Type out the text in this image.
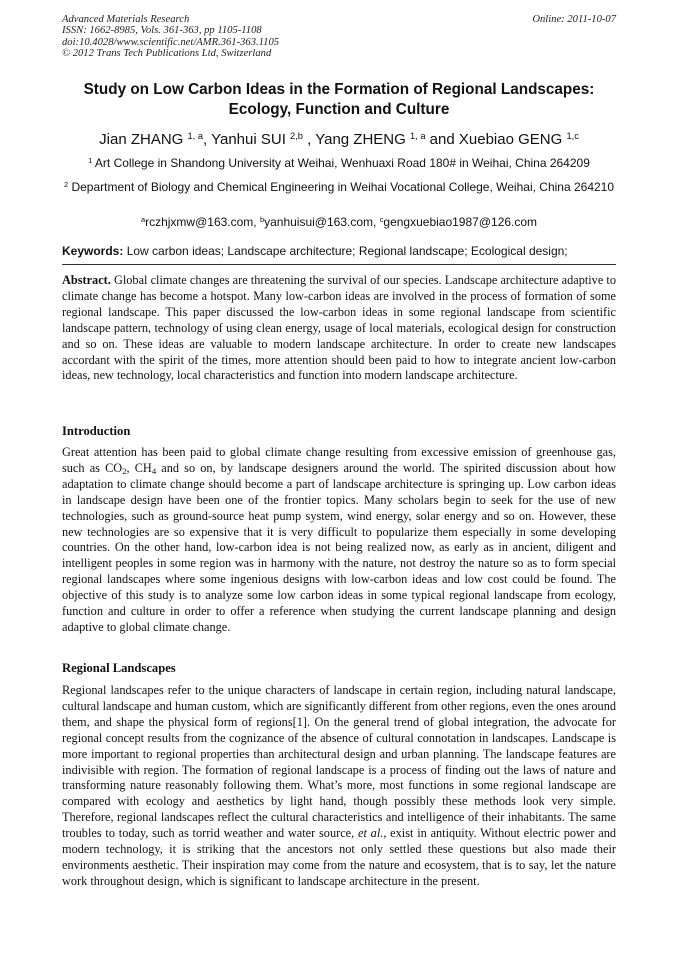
Advanced Materials Research
ISSN: 1662-8985, Vols. 361-363, pp 1105-1108
doi:10.4028/www.scientific.net/AMR.361-363.1105
© 2012 Trans Tech Publications Ltd, Switzerland
Online: 2011-10-07
Study on Low Carbon Ideas in the Formation of Regional Landscapes:
Ecology, Function and Culture
Jian ZHANG $^{1, a}$, Yanhui SUI $^{2,b}$ , Yang ZHENG $^{1, a}$ and Xuebiao GENG $^{1,c}$
$^1$ Art College in Shandong University at Weihai, Wenhuaxi Road 180# in Weihai, China 264209
$^2$ Department of Biology and Chemical Engineering in Weihai Vocational College, Weihai, China 264210
$^a$rczhjxmw@163.com, $^b$yanhuisui@163.com, $^c$gengxuebiao1987@126.com
Keywords: Low carbon ideas; Landscape architecture; Regional landscape; Ecological design;
Abstract. Global climate changes are threatening the survival of our species. Landscape architecture adaptive to climate change has become a hotspot. Many low-carbon ideas are involved in the process of formation of some regional landscape. This paper discussed the low-carbon ideas in some regional landscape from scientific landscape pattern, technology of using clean energy, usage of local materials, ecological design for construction and so on. These ideas are valuable to modern landscape architecture. In order to create new landscapes accordant with the spirit of the times, more attention should been paid to how to integrate ancient low-carbon ideas, new technology, local characteristics and function into modern landscape architecture.
Introduction
Great attention has been paid to global climate change resulting from excessive emission of greenhouse gas, such as $CO_2$, $CH_4$ and so on, by landscape designers around the world. The spirited discussion about how adaptation to climate change should become a part of landscape architecture is springing up. Low carbon ideas in landscape design have been one of the frontier topics. Many scholars begin to seek for the use of new technologies, such as ground-source heat pump system, wind energy, solar energy and so on. However, these new technologies are so expensive that it is very difficult to popularize them especially in some developing countries. On the other hand, low-carbon idea is not being realized now, as early as in ancient, diligent and intelligent peoples in some region was in harmony with the nature, not destroy the nature so as to form special regional landscapes where some ingenious designs with low-carbon ideas and low cost could be found. The objective of this study is to analyze some low carbon ideas in some typical regional landscape from ecology, function and culture in order to offer a reference when studying the current landscape planning and design adaptive to global climate change.
Regional Landscapes
Regional landscapes refer to the unique characters of landscape in certain region, including natural landscape, cultural landscape and human custom, which are significantly different from other regions, even the ones around them, and shape the physical form of regions[1]. On the general trend of global integration, the advocate for regional concept results from the cognizance of the absence of cultural connotation in landscapes. Landscape is more important to regional properties than architectural design and urban planning. The landscape features are indivisible with region. The formation of regional landscape is a process of finding out the laws of nature and transforming nature reasonably following them. What’s more, most functions in some regional landscape are compared with ecology and aesthetics by light hand, though possibly these methods look very simple. Therefore, regional landscapes reflect the cultural characteristics and intelligence of their inhabitants. The same troubles to today, such as torrid weather and water source, et al., exist in antiquity. Without electric power and modern technology, it is striking that the ancestors not only settled these questions but also made their environments aesthetic. Their inspiration may come from the nature and ecosystem, that is to say, let the nature work throughout design, which is significant to landscape architecture in the present.
